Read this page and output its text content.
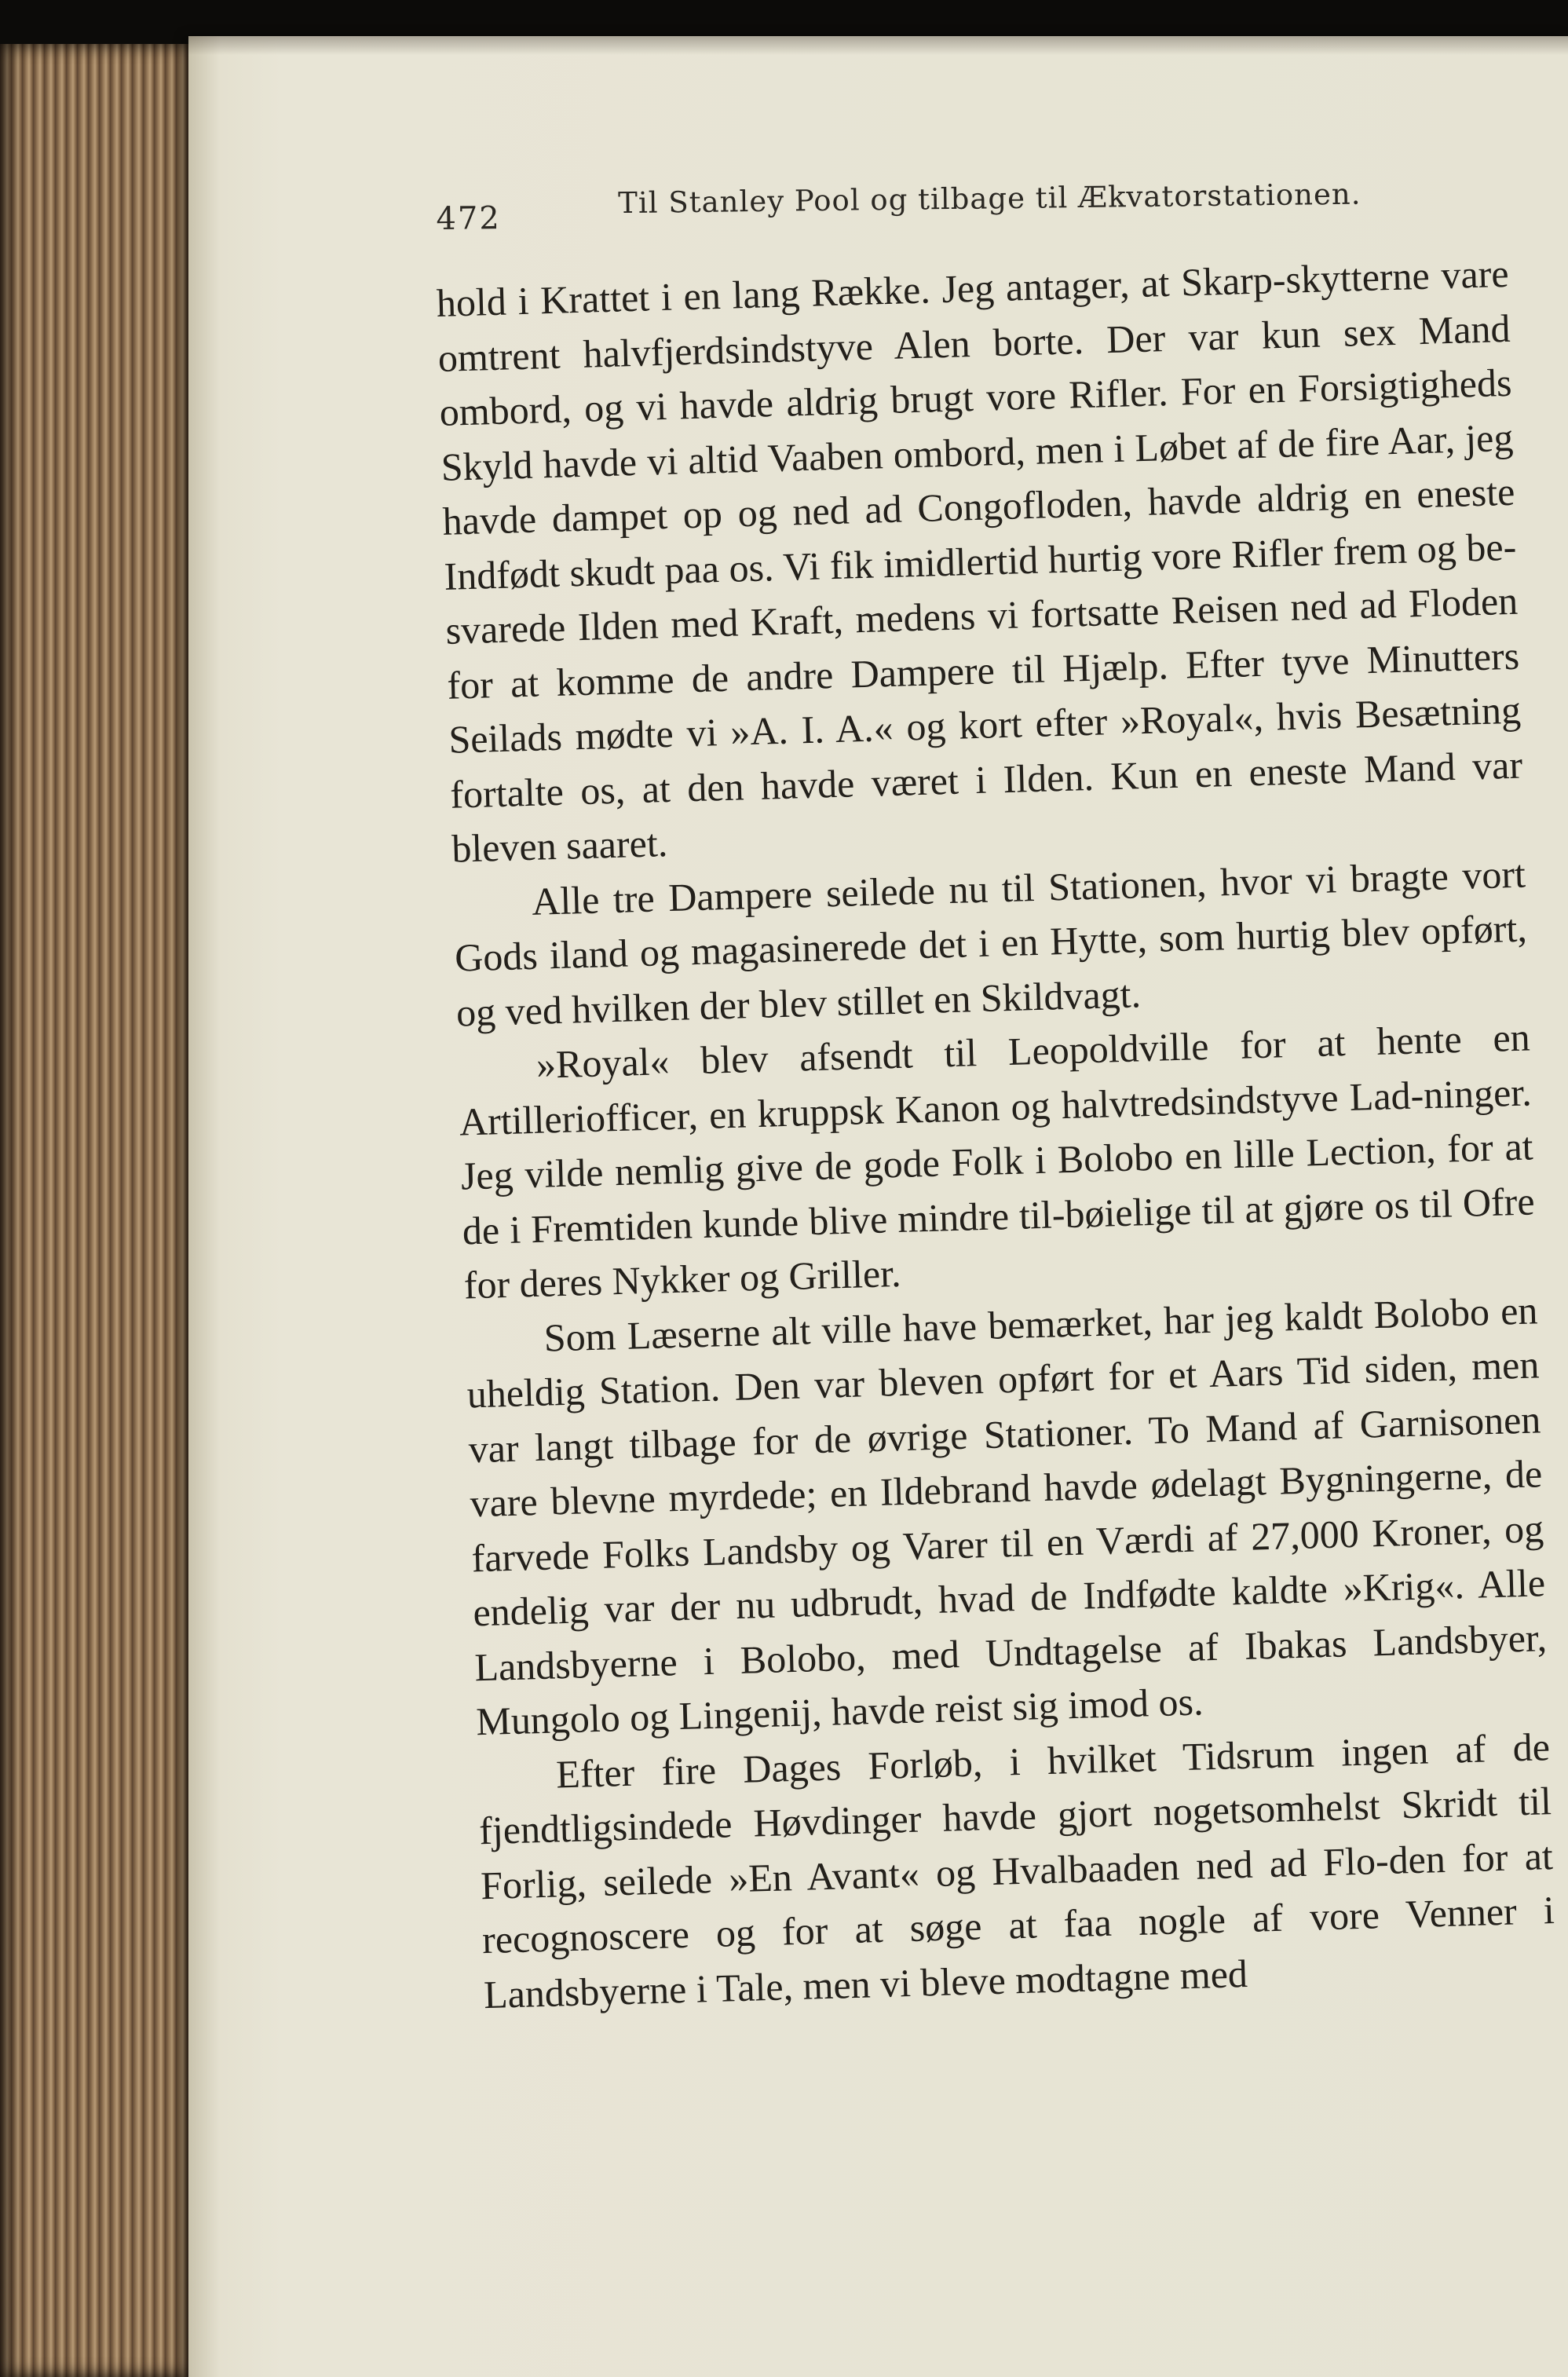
472	Til Stanley Pool og tilbage til Ækvatorstationen.

hold i Krattet i en lang Række. Jeg antager, at Skarp-skytterne vare omtrent halvfjerdsindstyve Alen borte. Der var kun sex Mand ombord, og vi havde aldrig brugt vore Rifler. For en Forsigtigheds Skyld havde vi altid Vaaben ombord, men i Løbet af de fire Aar, jeg havde dampet op og ned ad Congofloden, havde aldrig en eneste Indfødt skudt paa os. Vi fik imidlertid hurtig vore Rifler frem og be-svarede Ilden med Kraft, medens vi fortsatte Reisen ned ad Floden for at komme de andre Dampere til Hjælp. Efter tyve Minutters Seilads mødte vi »A. I. A.« og kort efter »Royal«, hvis Besætning fortalte os, at den havde været i Ilden. Kun en eneste Mand var bleven saaret.

Alle tre Dampere seilede nu til Stationen, hvor vi bragte vort Gods iland og magasinerede det i en Hytte, som hurtig blev opført, og ved hvilken der blev stillet en Skildvagt.

»Royal« blev afsendt til Leopoldville for at hente en Artilleriofficer, en kruppsk Kanon og halvtredsindstyve Lad-ninger. Jeg vilde nemlig give de gode Folk i Bolobo en lille Lection, for at de i Fremtiden kunde blive mindre til-bøielige til at gjøre os til Ofre for deres Nykker og Griller.

Som Læserne alt ville have bemærket, har jeg kaldt Bolobo en uheldig Station. Den var bleven opført for et Aars Tid siden, men var langt tilbage for de øvrige Stationer. To Mand af Garnisonen vare blevne myrdede; en Ildebrand havde ødelagt Bygningerne, de farvede Folks Landsby og Varer til en Værdi af 27,000 Kroner, og endelig var der nu udbrudt, hvad de Indfødte kaldte »Krig«. Alle Landsbyerne i Bolobo, med Undtagelse af Ibakas Landsbyer, Mungolo og Lingenij, havde reist sig imod os.

Efter fire Dages Forløb, i hvilket Tidsrum ingen af de fjendtligsindede Høvdinger havde gjort nogetsomhelst Skridt til Forlig, seilede »En Avant« og Hvalbaaden ned ad Flo-den for at recognoscere og for at søge at faa nogle af vore Venner i Landsbyerne i Tale, men vi bleve modtagne med
